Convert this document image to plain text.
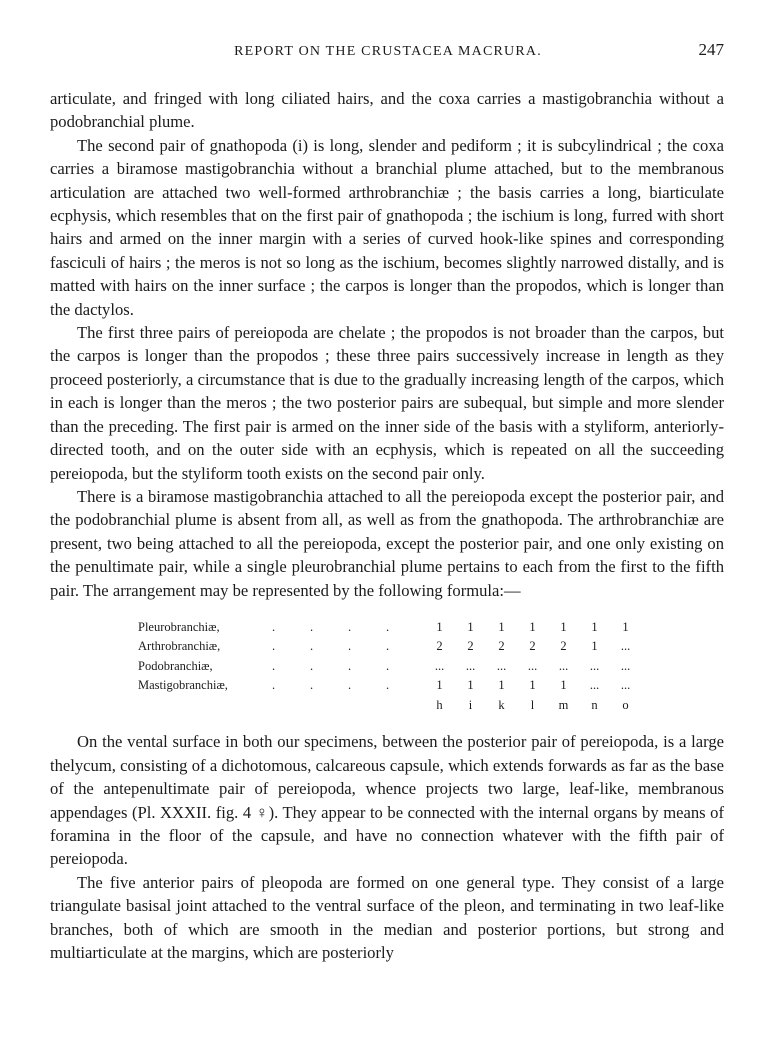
REPORT ON THE CRUSTACEA MACRURA.	247

articulate, and fringed with long ciliated hairs, and the coxa carries a mastigobranchia without a podobranchial plume.

The second pair of gnathopoda (i) is long, slender and pediform ; it is subcylindrical ; the coxa carries a biramose mastigobranchia without a branchial plume attached, but to the membranous articulation are attached two well-formed arthrobranchiæ ; the basis carries a long, biarticulate ecphysis, which resembles that on the first pair of gnathopoda ; the ischium is long, furred with short hairs and armed on the inner margin with a series of curved hook-like spines and corresponding fasciculi of hairs ; the meros is not so long as the ischium, becomes slightly narrowed distally, and is matted with hairs on the inner surface ; the carpos is longer than the propodos, which is longer than the dactylos.

The first three pairs of pereiopoda are chelate ; the propodos is not broader than the carpos, but the carpos is longer than the propodos ; these three pairs successively increase in length as they proceed posteriorly, a circumstance that is due to the gradually increasing length of the carpos, which in each is longer than the meros ; the two posterior pairs are subequal, but simple and more slender than the preceding. The first pair is armed on the inner side of the basis with a styliform, anteriorly-directed tooth, and on the outer side with an ecphysis, which is repeated on all the succeeding pereiopoda, but the styliform tooth exists on the second pair only.

There is a biramose mastigobranchia attached to all the pereiopoda except the posterior pair, and the podobranchial plume is absent from all, as well as from the gnathopoda. The arthrobranchiæ are present, two being attached to all the pereiopoda, except the posterior pair, and one only existing on the penultimate pair, while a single pleurobranchial plume pertains to each from the first to the fifth pair. The arrangement may be represented by the following formula:—

Pleurobranchiæ,	.	.	.	.	1	1	1	1	1	1	1
Arthrobranchiæ,	.	.	.	.	2	2	2	2	2	1	...
Podobranchiæ,	.	.	.	.	...	...	...	...	...	...	...
Mastigobranchiæ,	.	.	.	.	1	1	1	1	1	...	...
					h	i	k	l	m	n	o

On the vental surface in both our specimens, between the posterior pair of pereiopoda, is a large thelycum, consisting of a dichotomous, calcareous capsule, which extends forwards as far as the base of the antepenultimate pair of pereiopoda, whence projects two large, leaf-like, membranous appendages (Pl. XXXII. fig. 4 ♀). They appear to be connected with the internal organs by means of foramina in the floor of the capsule, and have no connection whatever with the fifth pair of pereiopoda.

The five anterior pairs of pleopoda are formed on one general type. They consist of a large triangulate basisal joint attached to the ventral surface of the pleon, and terminating in two leaf-like branches, both of which are smooth in the median and posterior portions, but strong and multiarticulate at the margins, which are posteriorly
